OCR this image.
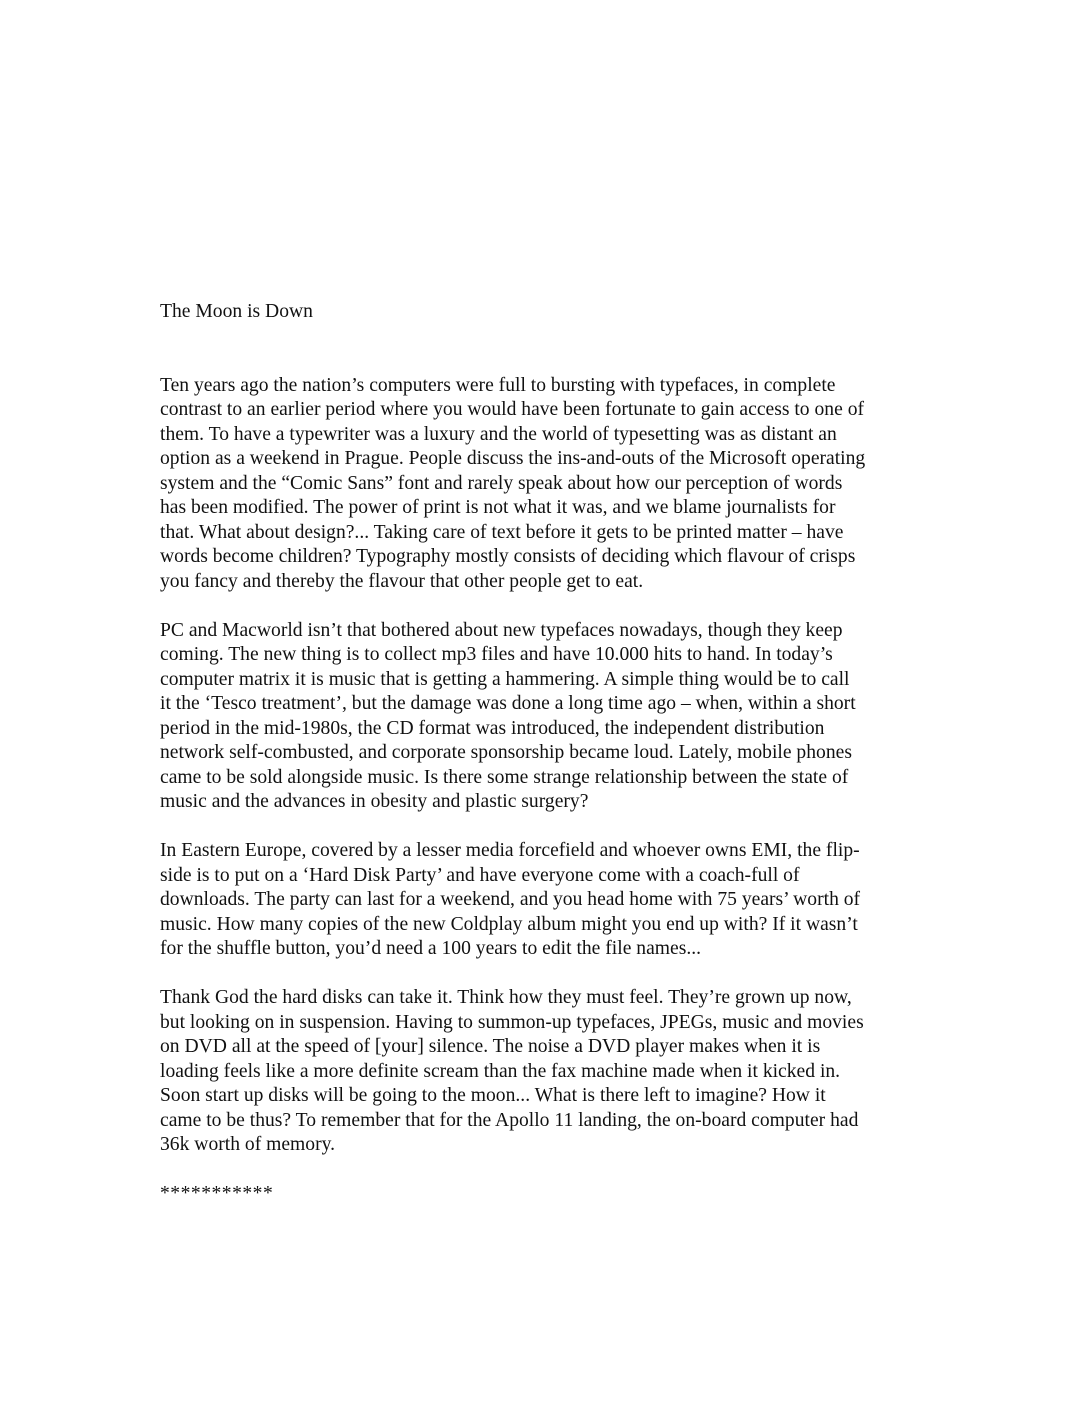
The Moon is Down

Ten years ago the nation’s computers were full to bursting with typefaces, in complete
contrast to an earlier period where you would have been fortunate to gain access to one of
them. To have a typewriter was a luxury and the world of typesetting was as distant an
option as a weekend in Prague. People discuss the ins-and-outs of the Microsoft operating
system and the “Comic Sans” font and rarely speak about how our perception of words
has been modified. The power of print is not what it was, and we blame journalists for
that. What about design?... Taking care of text before it gets to be printed matter – have
words become children? Typography mostly consists of deciding which flavour of crisps
you fancy and thereby the flavour that other people get to eat.

PC and Macworld isn’t that bothered about new typefaces nowadays, though they keep
coming. The new thing is to collect mp3 files and have 10.000 hits to hand. In today’s
computer matrix it is music that is getting a hammering. A simple thing would be to call
it the ‘Tesco treatment’, but the damage was done a long time ago – when, within a short
period in the mid-1980s, the CD format was introduced, the independent distribution
network self-combusted, and corporate sponsorship became loud. Lately, mobile phones
came to be sold alongside music. Is there some strange relationship between the state of
music and the advances in obesity and plastic surgery?

In Eastern Europe, covered by a lesser media forcefield and whoever owns EMI, the flip-
side is to put on a ‘Hard Disk Party’ and have everyone come with a coach-full of
downloads. The party can last for a weekend, and you head home with 75 years’ worth of
music. How many copies of the new Coldplay album might you end up with? If it wasn’t
for the shuffle button, you’d need a 100 years to edit the file names...

Thank God the hard disks can take it. Think how they must feel. They’re grown up now,
but looking on in suspension. Having to summon-up typefaces, JPEGs, music and movies
on DVD all at the speed of [your] silence. The noise a DVD player makes when it is
loading feels like a more definite scream than the fax machine made when it kicked in.
Soon start up disks will be going to the moon... What is there left to imagine? How it
came to be thus? To remember that for the Apollo 11 landing, the on-board computer had
36k worth of memory.

***********
